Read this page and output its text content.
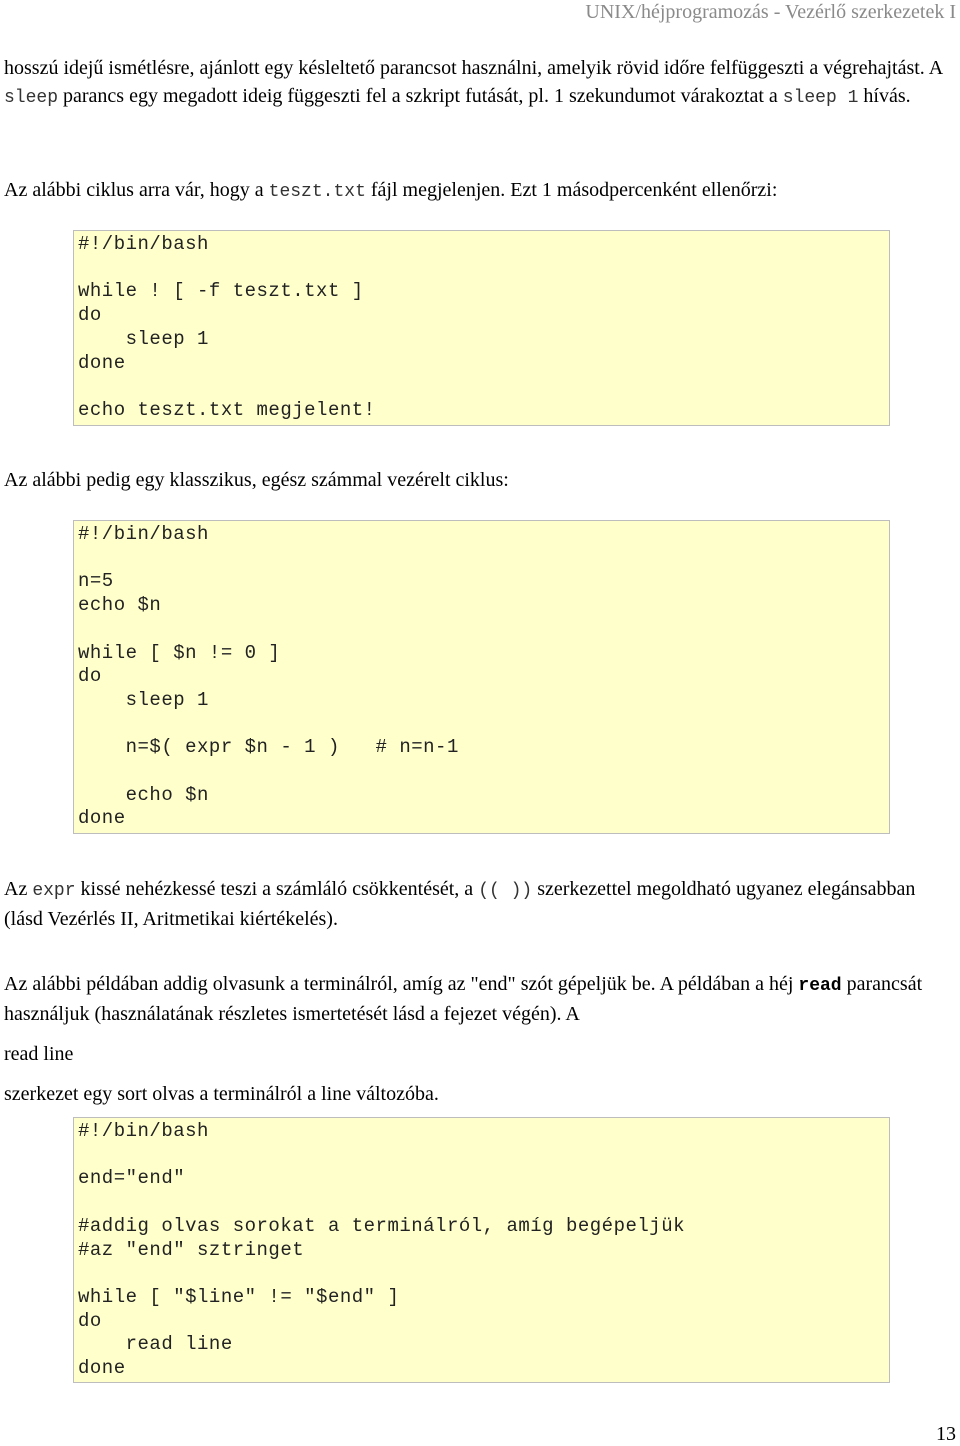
UNIX/héjprogramozás - Vezérlő szerkezetek I

hosszú idejű ismétlésre, ajánlott egy késleltető parancsot használni, amelyik rövid időre felfüggeszti a végrehajtást. A sleep parancs egy megadott ideig függeszti fel a szkript futását, pl. 1 szekundumot várakoztat a sleep 1 hívás.

Az alábbi ciklus arra vár, hogy a teszt.txt fájl megjelenjen. Ezt 1 másodpercenként ellenőrzi:

#!/bin/bash

while ! [ -f teszt.txt ]
do
sleep 1
done

echo teszt.txt megjelent!

Az alábbi pedig egy klasszikus, egész számmal vezérelt ciklus:

#!/bin/bash

n=5
echo $n

while [ $n != 0 ]
do
sleep 1

n=$( expr $n - 1 )   # n=n-1

echo $n
done

Az expr kissé nehézkessé teszi a számláló csökkentését, a (( )) szerkezettel megoldható ugyanez elegánsabban (lásd Vezérlés II, Aritmetikai kiértékelés).

Az alábbi példában addig olvasunk a terminálról, amíg az "end" szót gépeljük be. A példában a héj read parancsát használjuk (használatának részletes ismertetését lásd a fejezet végén). A

read line

szerkezet egy sort olvas a terminálról a line változóba.

#!/bin/bash

end="end"

#addig olvas sorokat a terminálról, amíg begépeljük
#az "end" sztringet

while [ "$line" != "$end" ]
do
read line
done
13
